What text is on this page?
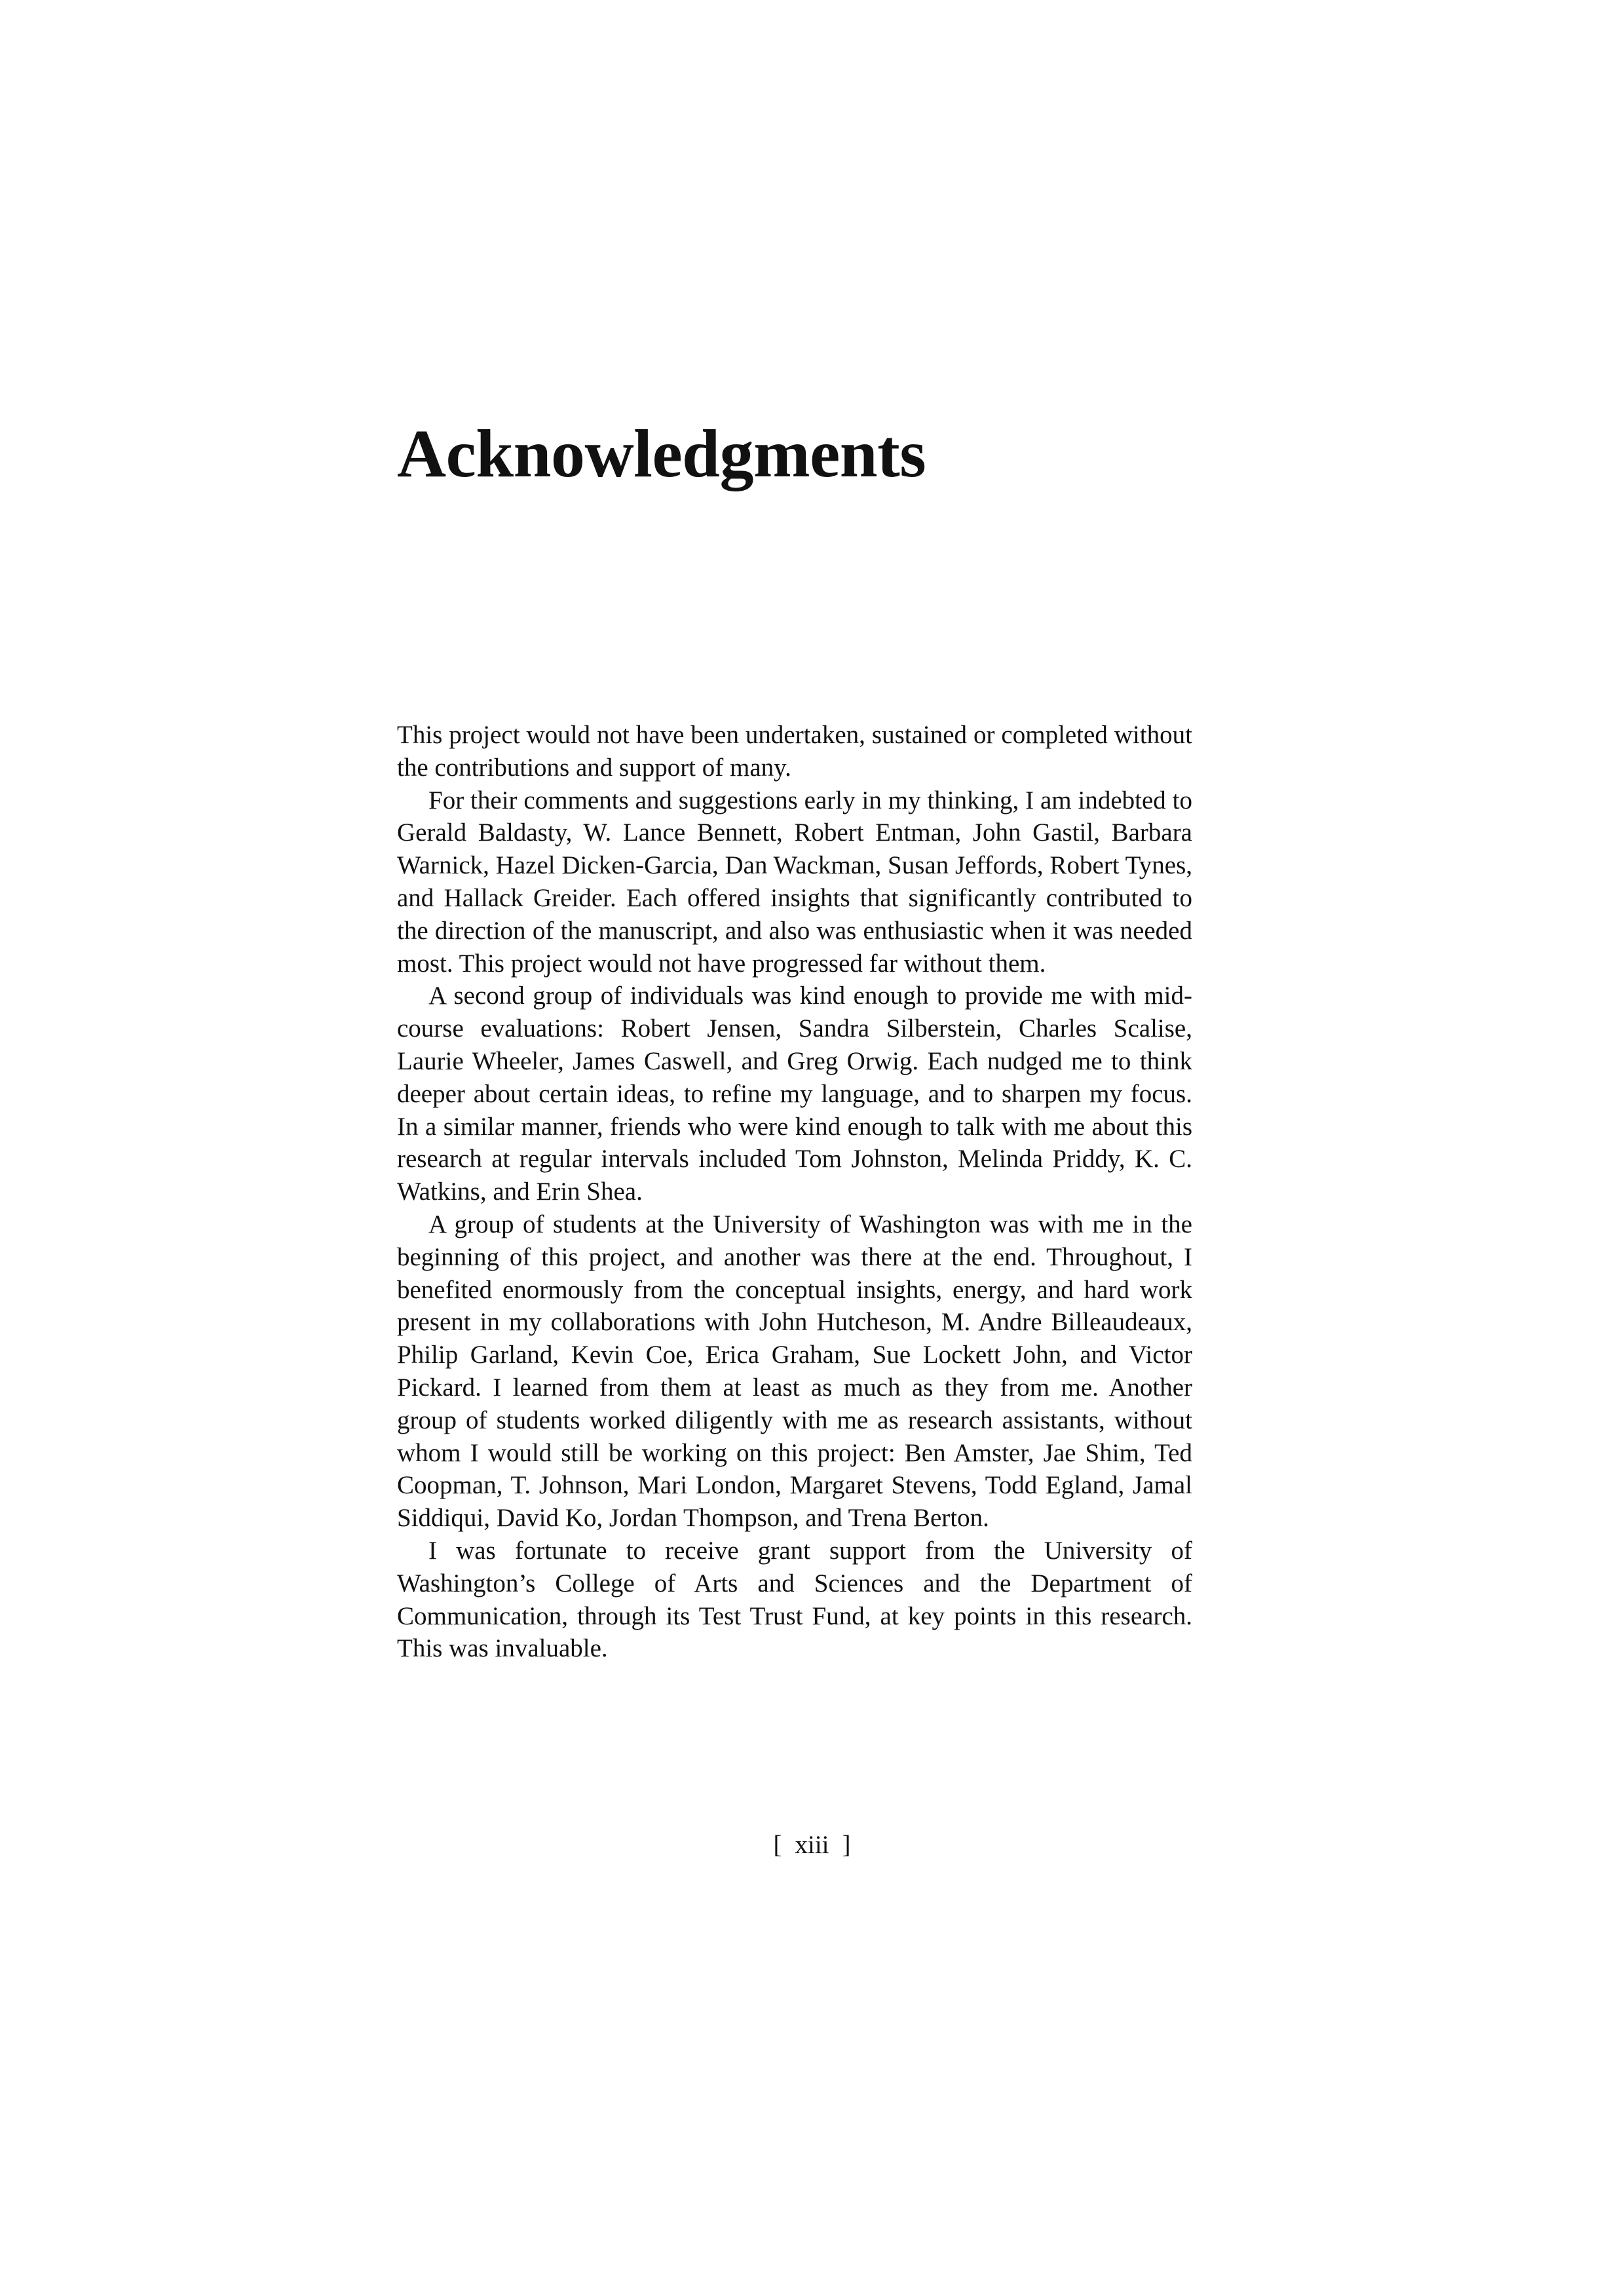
Acknowledgments

This project would not have been undertaken, sustained or completed without the contributions and support of many.

For their comments and suggestions early in my thinking, I am indebted to Gerald Baldasty, W. Lance Bennett, Robert Entman, John Gastil, Barbara Warnick, Hazel Dicken-Garcia, Dan Wackman, Susan Jeffords, Robert Tynes, and Hallack Greider. Each offered insights that significantly contributed to the direction of the manuscript, and also was enthusiastic when it was needed most. This project would not have progressed far without them.

A second group of individuals was kind enough to provide me with mid-course evaluations: Robert Jensen, Sandra Silberstein, Charles Scalise, Laurie Wheeler, James Caswell, and Greg Orwig. Each nudged me to think deeper about certain ideas, to refine my language, and to sharpen my focus. In a similar manner, friends who were kind enough to talk with me about this research at regular intervals included Tom Johnston, Melinda Priddy, K. C. Watkins, and Erin Shea.

A group of students at the University of Washington was with me in the beginning of this project, and another was there at the end. Throughout, I benefited enormously from the conceptual insights, energy, and hard work present in my collaborations with John Hutcheson, M. Andre Billeaudeaux, Philip Garland, Kevin Coe, Erica Graham, Sue Lockett John, and Victor Pickard. I learned from them at least as much as they from me. Another group of students worked diligently with me as research assistants, without whom I would still be working on this project: Ben Amster, Jae Shim, Ted Coopman, T. Johnson, Mari London, Margaret Stevens, Todd Egland, Jamal Siddiqui, David Ko, Jordan Thompson, and Trena Berton.

I was fortunate to receive grant support from the University of Washington’s College of Arts and Sciences and the Department of Communication, through its Test Trust Fund, at key points in this research. This was invaluable.

[ xiii ]
